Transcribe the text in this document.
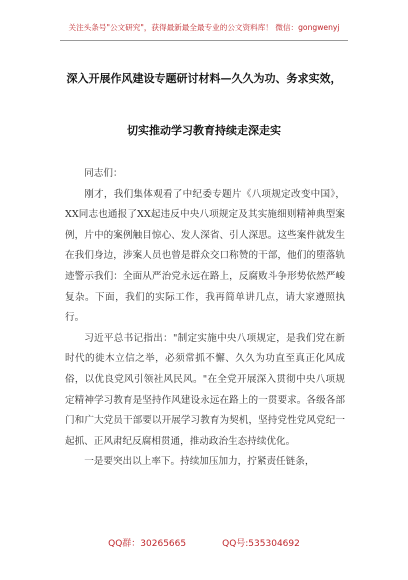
关注头条号"公文研究"，获得最新最全最专业的公文资料库！ 微信：gongwenyj
深入开展作风建设专题研讨材料—久久为功、务求实效，
切实推动学习教育持续走深走实

同志们：

刚才，我们集体观看了中纪委专题片《八项规定改变中国》，XX同志也通报了XX起违反中央八项规定及其实施细则精神典型案例，片中的案例触目惊心、发人深省、引人深思。这些案件就发生在我们身边，涉案人员也曾是群众交口称赞的干部，他们的堕落轨迹警示我们：全面从严治党永远在路上，反腐败斗争形势依然严峻复杂。下面，我们的实际工作，我再简单讲几点，请大家遵照执行。

习近平总书记指出："制定实施中央八项规定，是我们党在新时代的徙木立信之举，必须常抓不懈、久久为功直至真正化风成俗，以优良党风引领社风民风。"在全党开展深入贯彻中央八项规定精神学习教育是坚持作风建设永远在路上的一贯要求。各级各部门和广大党员干部要以开展学习教育为契机，坚持党性党风党纪一起抓、正风肃纪反腐相贯通，推动政治生态持续优化。

一是要突出以上率下。持续加压加力，拧紧责任链条，

QQ群：30265665	QQ号:535304692
